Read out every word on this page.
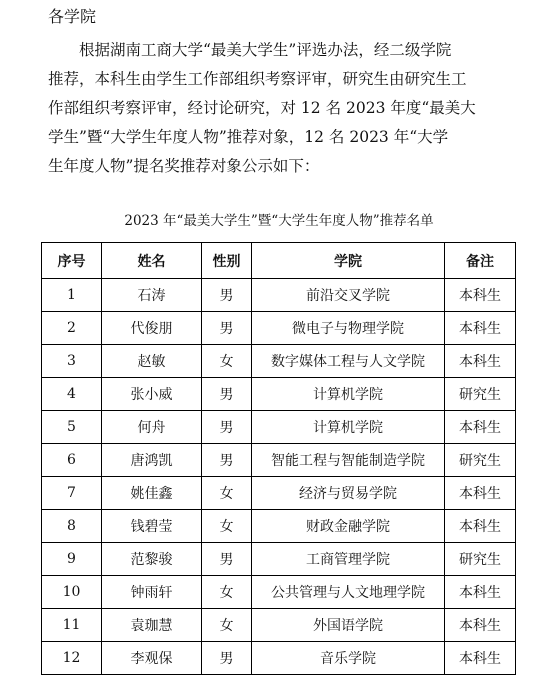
各学院
根据湖南工商大学“最美大学生”评选办法，经二级学院
推荐，本科生由学生工作部组织考察评审，研究生由研究生工
作部组织考察评审，经讨论研究，对 12 名 2023 年度“最美大
学生”暨“大学生年度人物”推荐对象，12 名 2023 年“大学
生年度人物”提名奖推荐对象公示如下：
2023 年“最美大学生”暨“大学生年度人物”推荐名单
序号	姓名	性别	学院	备注
1	石涛	男	前沿交叉学院	本科生
2	代俊朋	男	微电子与物理学院	本科生
3	赵敏	女	数字媒体工程与人文学院	本科生
4	张小威	男	计算机学院	研究生
5	何舟	男	计算机学院	本科生
6	唐鸿凯	男	智能工程与智能制造学院	研究生
7	姚佳鑫	女	经济与贸易学院	本科生
8	钱碧莹	女	财政金融学院	本科生
9	范黎骏	男	工商管理学院	研究生
10	钟雨轩	女	公共管理与人文地理学院	本科生
11	袁珈慧	女	外国语学院	本科生
12	李观保	男	音乐学院	本科生
